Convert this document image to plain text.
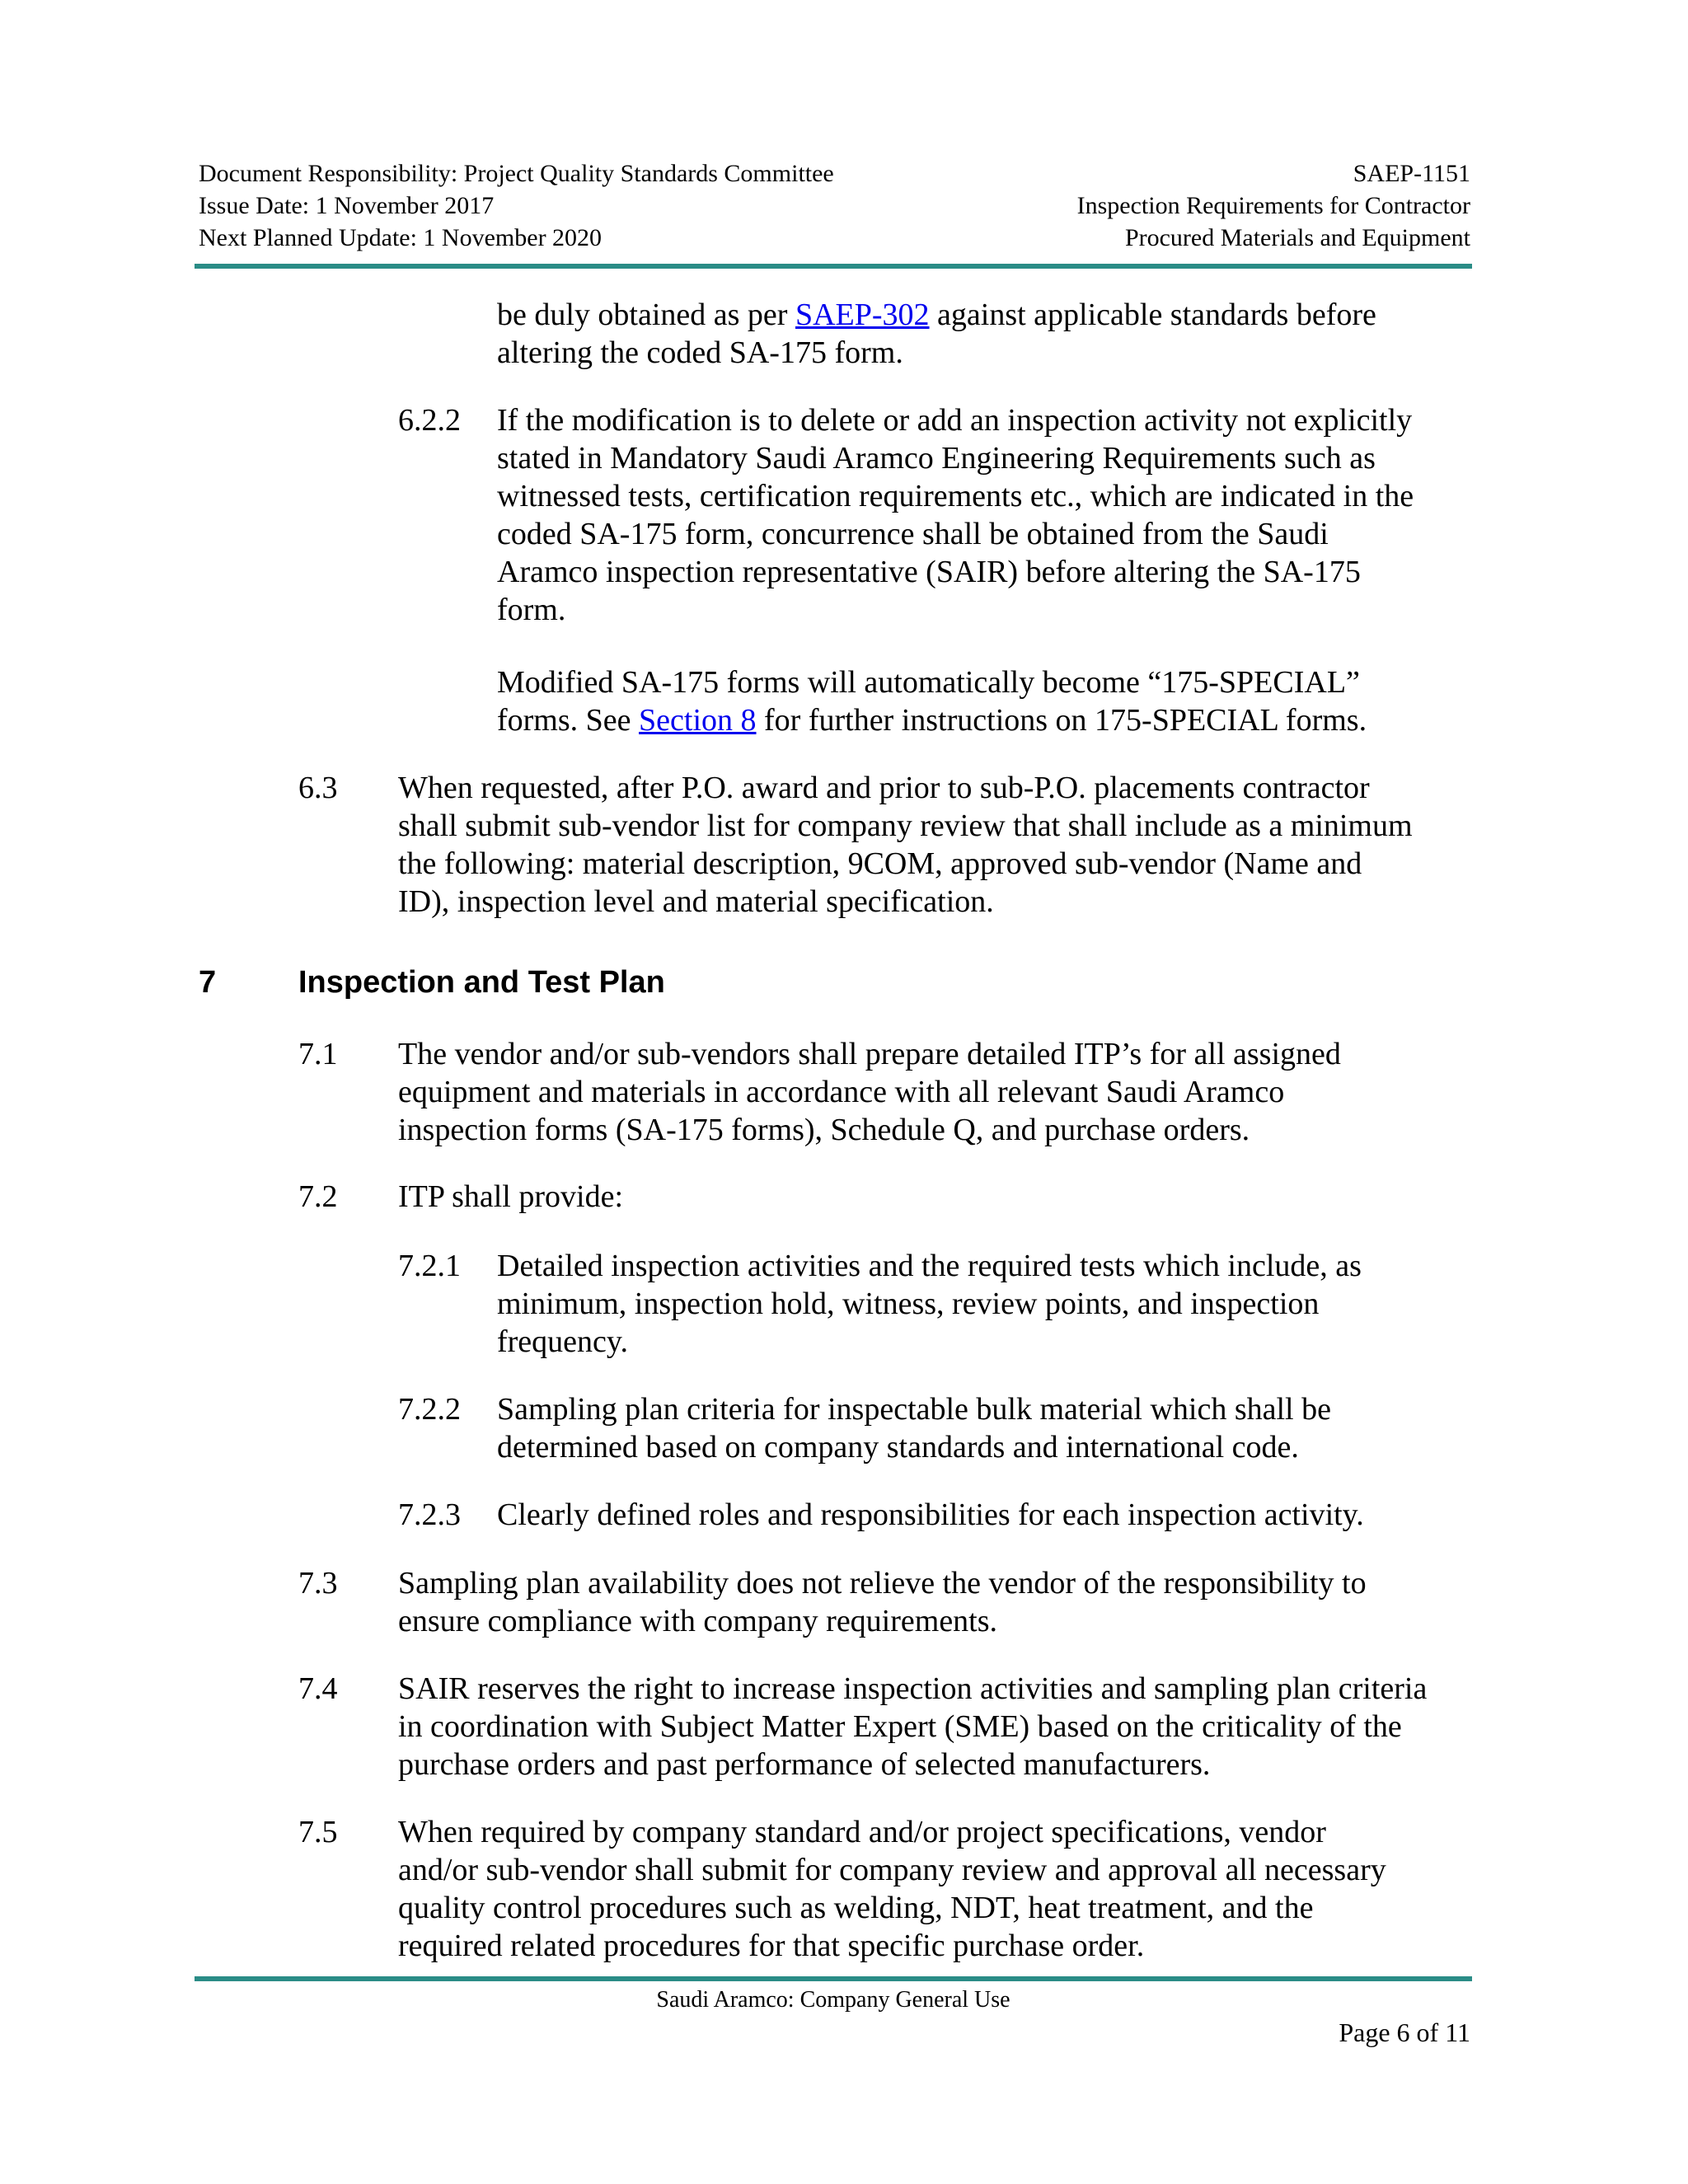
Document Responsibility: Project Quality Standards Committee
Issue Date: 1 November 2017
Next Planned Update: 1 November 2020
SAEP-1151
Inspection Requirements for Contractor
Procured Materials and Equipment
be duly obtained as per SAEP-302 against applicable standards before
altering the coded SA-175 form.
6.2.2 If the modification is to delete or add an inspection activity not explicitly
stated in Mandatory Saudi Aramco Engineering Requirements such as
witnessed tests, certification requirements etc., which are indicated in the
coded SA-175 form, concurrence shall be obtained from the Saudi
Aramco inspection representative (SAIR) before altering the SA-175
form.
Modified SA-175 forms will automatically become “175-SPECIAL”
forms. See Section 8 for further instructions on 175-SPECIAL forms.
6.3 When requested, after P.O. award and prior to sub-P.O. placements contractor
shall submit sub-vendor list for company review that shall include as a minimum
the following: material description, 9COM, approved sub-vendor (Name and
ID), inspection level and material specification.
7	Inspection and Test Plan
7.1 The vendor and/or sub-vendors shall prepare detailed ITP’s for all assigned
equipment and materials in accordance with all relevant Saudi Aramco
inspection forms (SA-175 forms), Schedule Q, and purchase orders.
7.2 ITP shall provide:
7.2.1 Detailed inspection activities and the required tests which include, as
minimum, inspection hold, witness, review points, and inspection
frequency.
7.2.2 Sampling plan criteria for inspectable bulk material which shall be
determined based on company standards and international code.
7.2.3 Clearly defined roles and responsibilities for each inspection activity.
7.3 Sampling plan availability does not relieve the vendor of the responsibility to
ensure compliance with company requirements.
7.4 SAIR reserves the right to increase inspection activities and sampling plan criteria
in coordination with Subject Matter Expert (SME) based on the criticality of the
purchase orders and past performance of selected manufacturers.
7.5 When required by company standard and/or project specifications, vendor
and/or sub-vendor shall submit for company review and approval all necessary
quality control procedures such as welding, NDT, heat treatment, and the
required related procedures for that specific purchase order.
Saudi Aramco: Company General Use
Page 6 of 11
